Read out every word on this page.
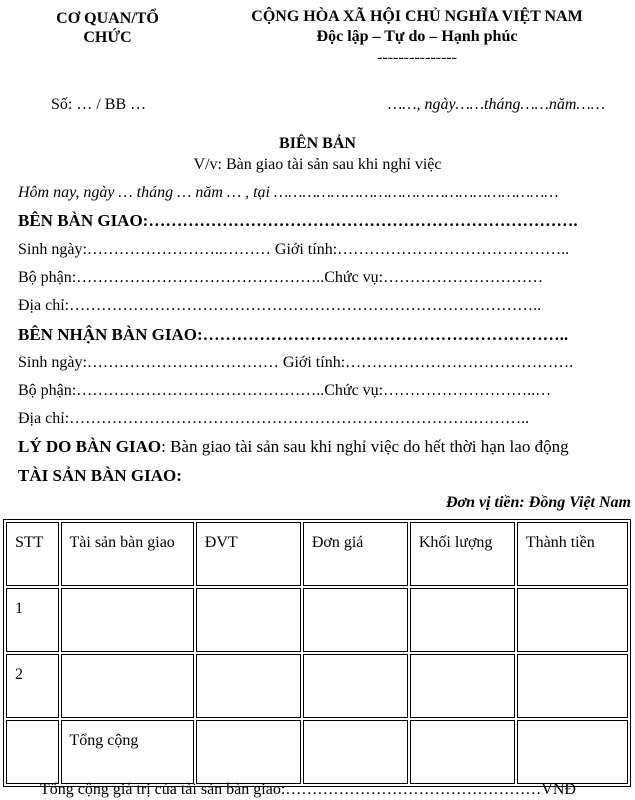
CƠ QUAN/TỔ
CHỨC
CỘNG HÒA XÃ HỘI CHỦ NGHĨA VIỆT NAM
Độc lập – Tự do – Hạnh phúc
---------------
Số: … / BB …	……, ngày……tháng……năm……
BIÊN BẢN
V/v: Bàn giao tài sản sau khi nghỉ việc
Hôm nay, ngày … tháng … năm … , tại ……………………………………………………
BÊN BÀN GIAO:………………………………………………………………….
Sinh ngày:……………………..……… Giới tính:……………………………………..
Bộ phận:………………………………………..Chức vụ:…………………………
Địa chỉ:……………………………………………………………………………..
BÊN NHẬN BÀN GIAO:………………………………………………………..
Sinh ngày:……………………………… Giới tính:…………………………………….
Bộ phận:………………………………………..Chức vụ:………………………..…
Địa chỉ:………………………………………………………………….………..
LÝ DO BÀN GIAO: Bàn giao tài sản sau khi nghỉ việc do hết thời hạn lao động
TÀI SẢN BÀN GIAO:
Đơn vị tiền: Đồng Việt Nam
STT	Tài sản bàn giao	ĐVT	Đơn giá	Khối lượng	Thành tiền
1					
2					
	Tổng cộng				
Tổng cộng giá trị của tài sản bàn giao:…………………………………………VNĐ
